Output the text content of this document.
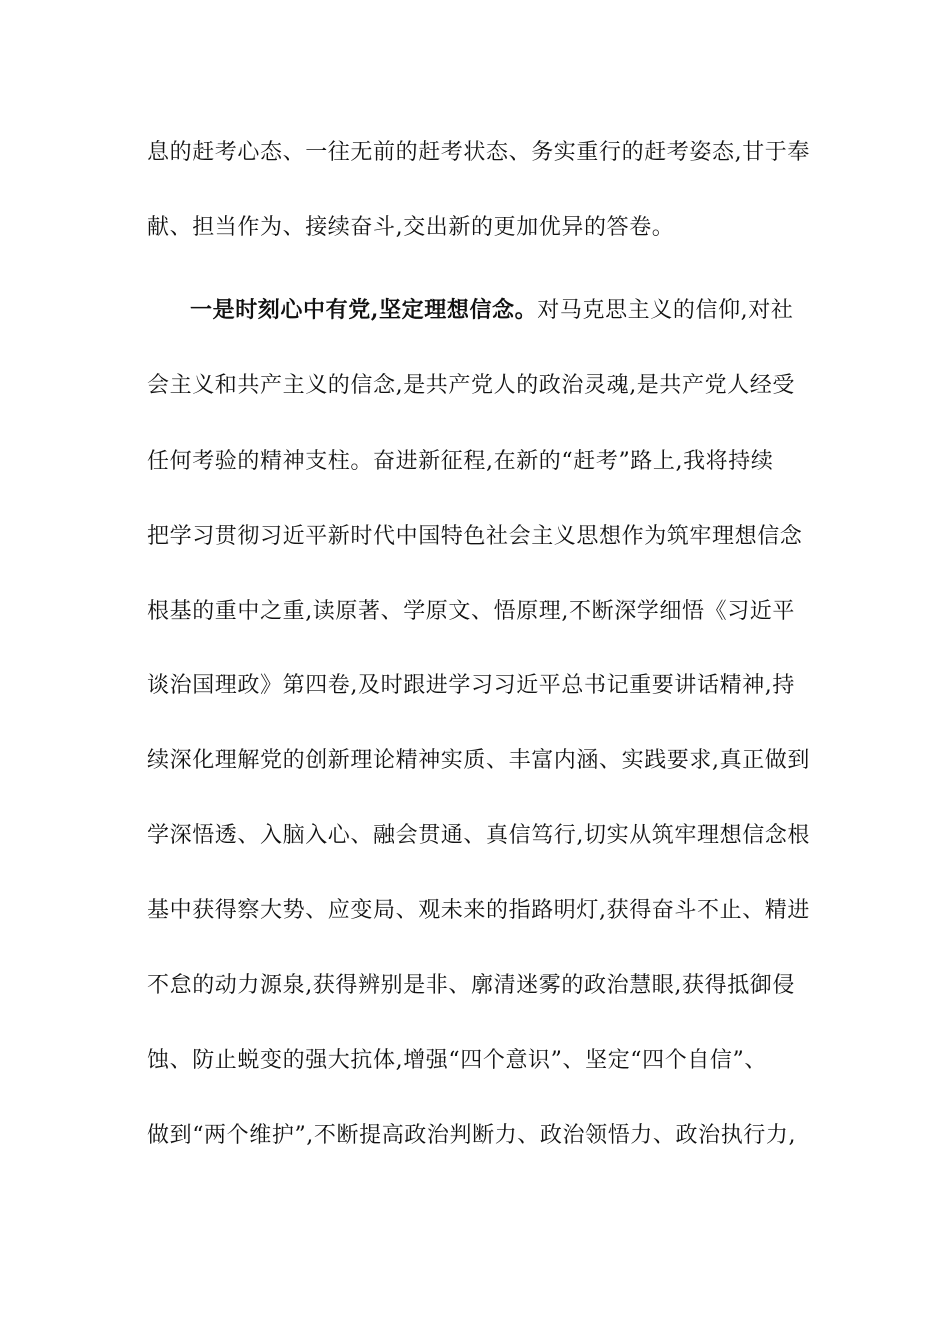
息的赶考心态、一往无前的赶考状态、务实重行的赶考姿态,甘于奉
献、担当作为、接续奋斗,交出新的更加优异的答卷。
一是时刻心中有党,坚定理想信念。对马克思主义的信仰,对社
会主义和共产主义的信念,是共产党人的政治灵魂,是共产党人经受
任何考验的精神支柱。奋进新征程,在新的“赶考”路上,我将持续
把学习贯彻习近平新时代中国特色社会主义思想作为筑牢理想信念
根基的重中之重,读原著、学原文、悟原理,不断深学细悟《习近平
谈治国理政》第四卷,及时跟进学习习近平总书记重要讲话精神,持
续深化理解党的创新理论精神实质、丰富内涵、实践要求,真正做到
学深悟透、入脑入心、融会贯通、真信笃行,切实从筑牢理想信念根
基中获得察大势、应变局、观未来的指路明灯,获得奋斗不止、精进
不怠的动力源泉,获得辨别是非、廓清迷雾的政治慧眼,获得抵御侵
蚀、防止蜕变的强大抗体,增强“四个意识”、坚定“四个自信”、
做到“两个维护”,不断提高政治判断力、政治领悟力、政治执行力,
